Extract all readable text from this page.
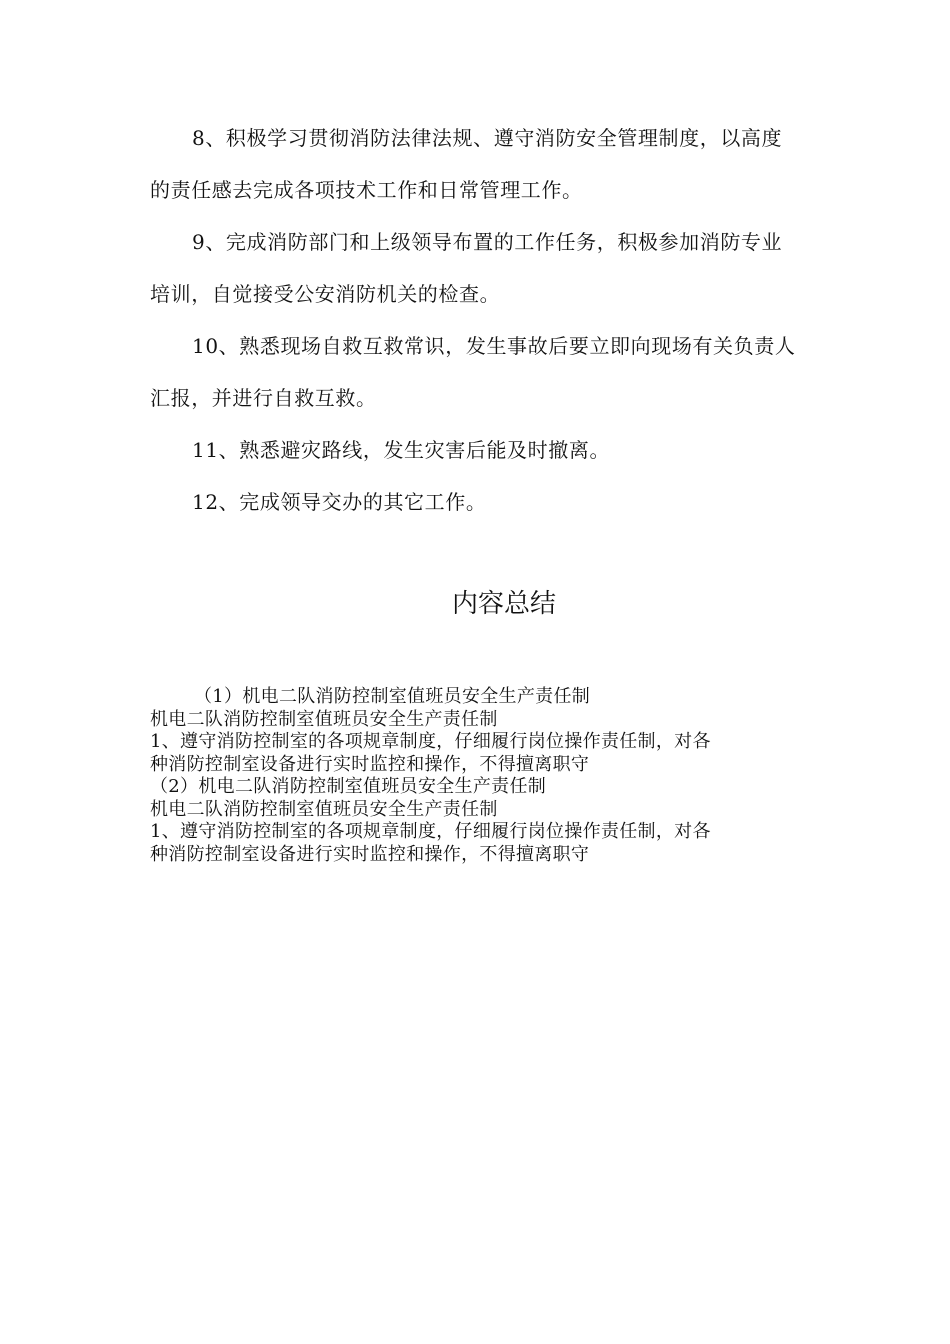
8、积极学习贯彻消防法律法规、遵守消防安全管理制度，以高度的责任感去完成各项技术工作和日常管理工作。

9、完成消防部门和上级领导布置的工作任务，积极参加消防专业培训，自觉接受公安消防机关的检查。

10、熟悉现场自救互救常识，发生事故后要立即向现场有关负责人汇报，并进行自救互救。

11、熟悉避灾路线，发生灾害后能及时撤离。

12、完成领导交办的其它工作。

内容总结

（1）机电二队消防控制室值班员安全生产责任制

机电二队消防控制室值班员安全生产责任制

1、遵守消防控制室的各项规章制度，仔细履行岗位操作责任制，对各

种消防控制室设备进行实时监控和操作，不得擅离职守

（2）机电二队消防控制室值班员安全生产责任制

机电二队消防控制室值班员安全生产责任制

1、遵守消防控制室的各项规章制度，仔细履行岗位操作责任制，对各

种消防控制室设备进行实时监控和操作，不得擅离职守
